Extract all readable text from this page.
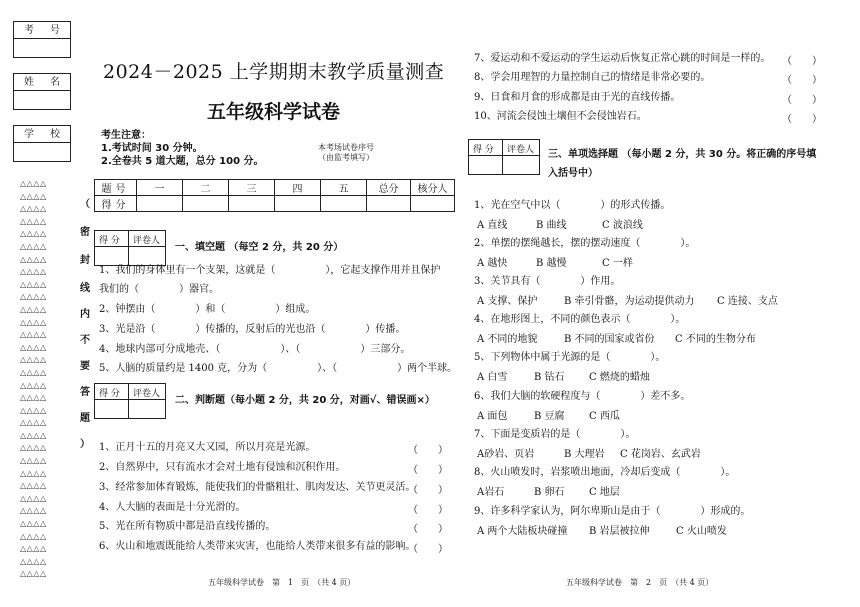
考号
姓名
学校
△△△△
△△△△
△△△△
△△△△
△△△△
△△△△
△△△△
△△△△
△△△△
△△△△
△△△△
△△△△
△△△△
△△△△
△△△△
△△△△
△△△△
△△△△
△△△△
△△△△
△△△△
△△△△
△△△△
△△△△
△△△△
△△△△
△△△△
△△△△
△△△△
△△△△
△△△△
△△△△
（
密
封
线
内
不
要
答
题
）
2024－2025 上学期期末教学质量测查
五年级科学试卷
考生注意：
1.考试时间 30 分钟。
2.全卷共 5 道大题，总分 100 分。
本考场试卷序号
（由监考填写）
题号	一	二	三	四	五	总分	核分人
得分							
得 分 评卷人
一、填空题 （每空 2 分，共 20 分）
1、我们的身体里有一个支架，这就是（　　　　　），它起支撑作用并且保护
我们的（　　　　）器官。
2、钟摆由（　　　　）和（　　　　　）组成。
3、光是沿（　　　　）传播的，反射后的光也沿（　　　　）传播。
4、地球内部可分成地壳、（　　　　　　）、（　　　　　　）三部分。
5、人脑的质量约是 1400 克，分为（　　　　　）、（　　　　　　）两个半球。
得 分 评卷人
二、判断题（每小题 2 分，共 20 分，对画√、错误画×）
1、正月十五的月亮又大又园，所以月亮是光源。	（　　）
2、自然界中，只有流水才会对土地有侵蚀和沉积作用。	（　　）
3、经常参加体育锻炼，能使我们的骨骼粗壮、肌肉发达、关节更灵活。
（　　）
4、人大脑的表面是十分光滑的。	（　　）
5、光在所有物质中都是沿直线传播的。	（　　）
6、火山和地震既能给人类带来灾害，也能给人类带来很多有益的影响。
（　　）
7、爱运动和不爱运动的学生运动后恢复正常心跳的时间是一样的。 （　　）
8、学会用理智的力量控制自己的情绪是非常必要的。	（　　）
9、日食和月食的形成都是由于光的直线传播。	（　　）
10、河流会侵蚀土壤但不会侵蚀岩石。	（　　）
得 分 评卷人 三、单项选择题 （每小题 2 分，共 30 分。将正确的序号填
入括号中）
1、光在空气中以（　　　　）的形式传播。
A 直线	B 曲线	C 波浪线
2、单摆的摆绳越长，摆的摆动速度（　　　　）。
A 越快	B 越慢	C 一样
3、关节具有（　　　　）作用。
A 支撑、保护	B 牵引骨骼，为运动提供动力 C 连接、支点
4、在地形图上，不同的颜色表示（　　　　）。
A 不同的地貌	B 不同的国家或省份 C 不同的生物分布
5、下列物体中属于光源的是（　　　　）。
A 白雪	B 钻石 C 燃烧的蜡烛
6、我们大脑的软硬程度与（　　　　）差不多。
A 面包	B 豆腐 C 西瓜
7、下面是变质岩的是（　　　　）。
A砂岩、页岩	B 大理岩 C 花岗岩、玄武岩
8、火山喷发时，岩浆喷出地面，冷却后变成（　　　　）。
A岩石	B 卵石 C 地层
9、许多科学家认为，阿尔卑斯山是由于（　　　　）形成的。
A 两个大陆板块碰撞 B 岩层被拉伸	C 火山喷发
五年级科学试卷　第　1　页　（共 4 页）	五年级科学试卷　第　2　页　（共 4 页）
